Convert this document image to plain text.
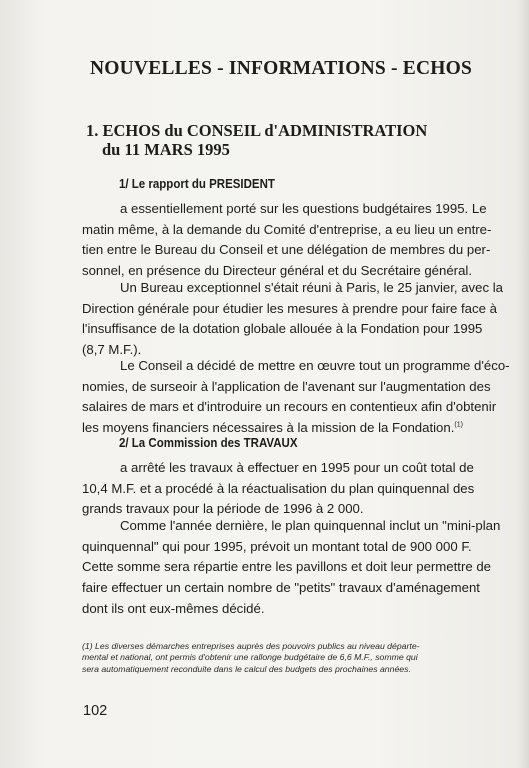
NOUVELLES - INFORMATIONS - ECHOS
1. ECHOS du CONSEIL d'ADMINISTRATION
du 11 MARS 1995
1/ Le rapport du PRESIDENT
a essentiellement porté sur les questions budgétaires 1995. Le
matin même, à la demande du Comité d'entreprise, a eu lieu un entre-
tien entre le Bureau du Conseil et une délégation de membres du per-
sonnel, en présence du Directeur général et du Secrétaire général.
Un Bureau exceptionnel s'était réuni à Paris, le 25 janvier, avec la
Direction générale pour étudier les mesures à prendre pour faire face à
l'insuffisance de la dotation globale allouée à la Fondation pour 1995
(8,7 M.F.).
Le Conseil a décidé de mettre en œuvre tout un programme d'éco-
nomies, de surseoir à l'application de l'avenant sur l'augmentation des
salaires de mars et d'introduire un recours en contentieux afin d'obtenir
les moyens financiers nécessaires à la mission de la Fondation.$^{(1)}$
2/ La Commission des TRAVAUX
a arrêté les travaux à effectuer en 1995 pour un coût total de
10,4 M.F. et a procédé à la réactualisation du plan quinquennal des
grands travaux pour la période de 1996 à 2 000.
Comme l'année dernière, le plan quinquennal inclut un "mini-plan
quinquennal" qui pour 1995, prévoit un montant total de 900 000 F.
Cette somme sera répartie entre les pavillons et doit leur permettre de
faire effectuer un certain nombre de "petits" travaux d'aménagement
dont ils ont eux-mêmes décidé.
(1) Les diverses démarches entreprises auprès des pouvoirs publics au niveau départe-
mental et national, ont permis d'obtenir une rallonge budgétaire de 6,6 M.F., somme qui
sera automatiquement reconduite dans le calcul des budgets des prochaines années.
102
